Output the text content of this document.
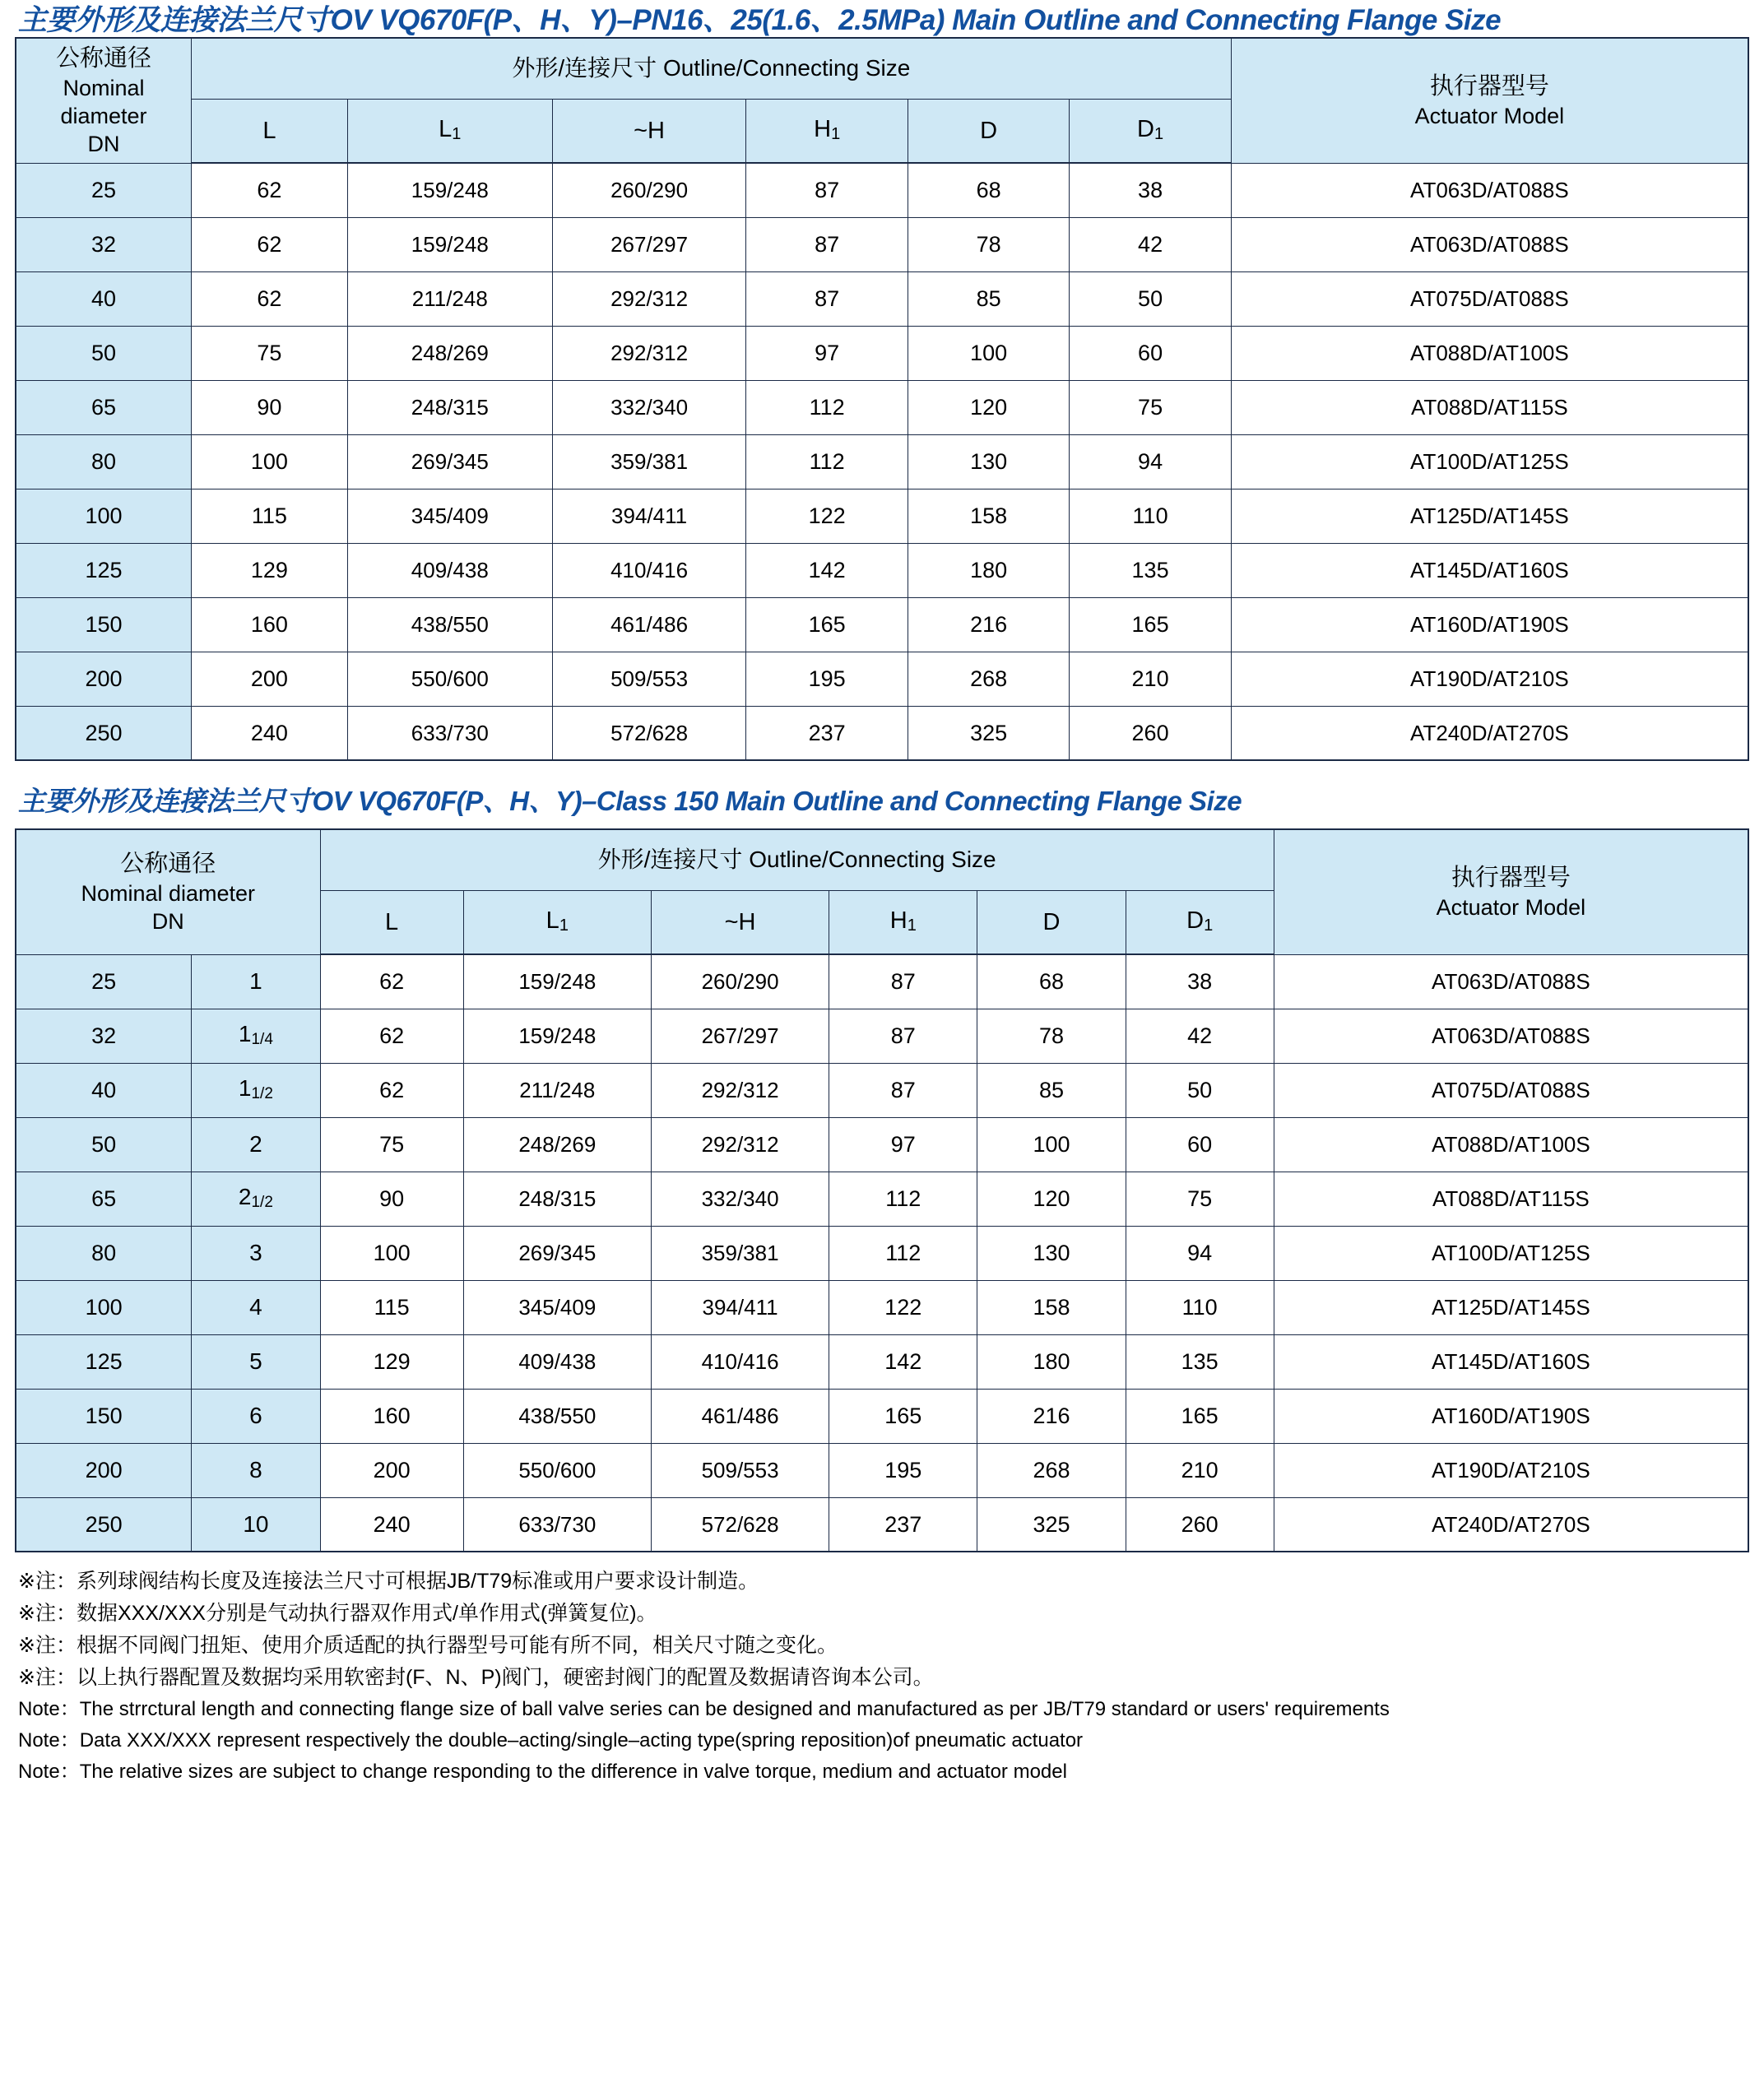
主要外形及连接法兰尺寸OV VQ670F(P、H、Y)–PN16、25(1.6、2.5MPa) Main Outline and Connecting Flange Size
公称通径
Nominal
diameter
DN	外形/连接尺寸 Outline/Connecting Size						执行器型号
Actuator Model

	L	$L_1$	~H	$H_1$	D	$D_1$
25	62	159/248	260/290	87	68	38	AT063D/AT088S
32	62	159/248	267/297	87	78	42	AT063D/AT088S
40	62	211/248	292/312	87	85	50	AT075D/AT088S
50	75	248/269	292/312	97	100	60	AT088D/AT100S
65	90	248/315	332/340	112	120	75	AT088D/AT115S
80	100	269/345	359/381	112	130	94	AT100D/AT125S
100	115	345/409	394/411	122	158	110	AT125D/AT145S
125	129	409/438	410/416	142	180	135	AT145D/AT160S
150	160	438/550	461/486	165	216	165	AT160D/AT190S
200	200	550/600	509/553	195	268	210	AT190D/AT210S
250	240	633/730	572/628	237	325	260	AT240D/AT270S
主要外形及连接法兰尺寸OV VQ670F(P、H、Y)–Class 150 Main Outline and Connecting Flange Size
公称通径
Nominal diameter
DN		外形/连接尺寸 Outline/Connecting Size						执行器型号
Actuator Model

		L	$L_1$	~H	$H_1$	D	$D_1$
25	1	62	159/248	260/290	87	68	38	AT063D/AT088S
32	11/4	62	159/248	267/297	87	78	42	AT063D/AT088S
40	11/2	62	211/248	292/312	87	85	50	AT075D/AT088S
50	2	75	248/269	292/312	97	100	60	AT088D/AT100S
65	21/2	90	248/315	332/340	112	120	75	AT088D/AT115S
80	3	100	269/345	359/381	112	130	94	AT100D/AT125S
100	4	115	345/409	394/411	122	158	110	AT125D/AT145S
125	5	129	409/438	410/416	142	180	135	AT145D/AT160S
150	6	160	438/550	461/486	165	216	165	AT160D/AT190S
200	8	200	550/600	509/553	195	268	210	AT190D/AT210S
250	10	240	633/730	572/628	237	325	260	AT240D/AT270S
※注：系列球阀结构长度及连接法兰尺寸可根据JB/T79标准或用户要求设计制造。
※注：数据XXX/XXX分别是气动执行器双作用式/单作用式(弹簧复位)。
※注：根据不同阀门扭矩、使用介质适配的执行器型号可能有所不同，相关尺寸随之变化。
※注：以上执行器配置及数据均采用软密封(F、N、P)阀门，硬密封阀门的配置及数据请咨询本公司。
Note：The strrctural length and connecting flange size of ball valve series can be designed and manufactured as per JB/T79 standard or users' requirements
Note：Data XXX/XXX represent respectively the double–acting/single–acting type(spring reposition)of pneumatic actuator
Note：The relative sizes are subject to change responding to the difference in valve torque, medium and actuator model
